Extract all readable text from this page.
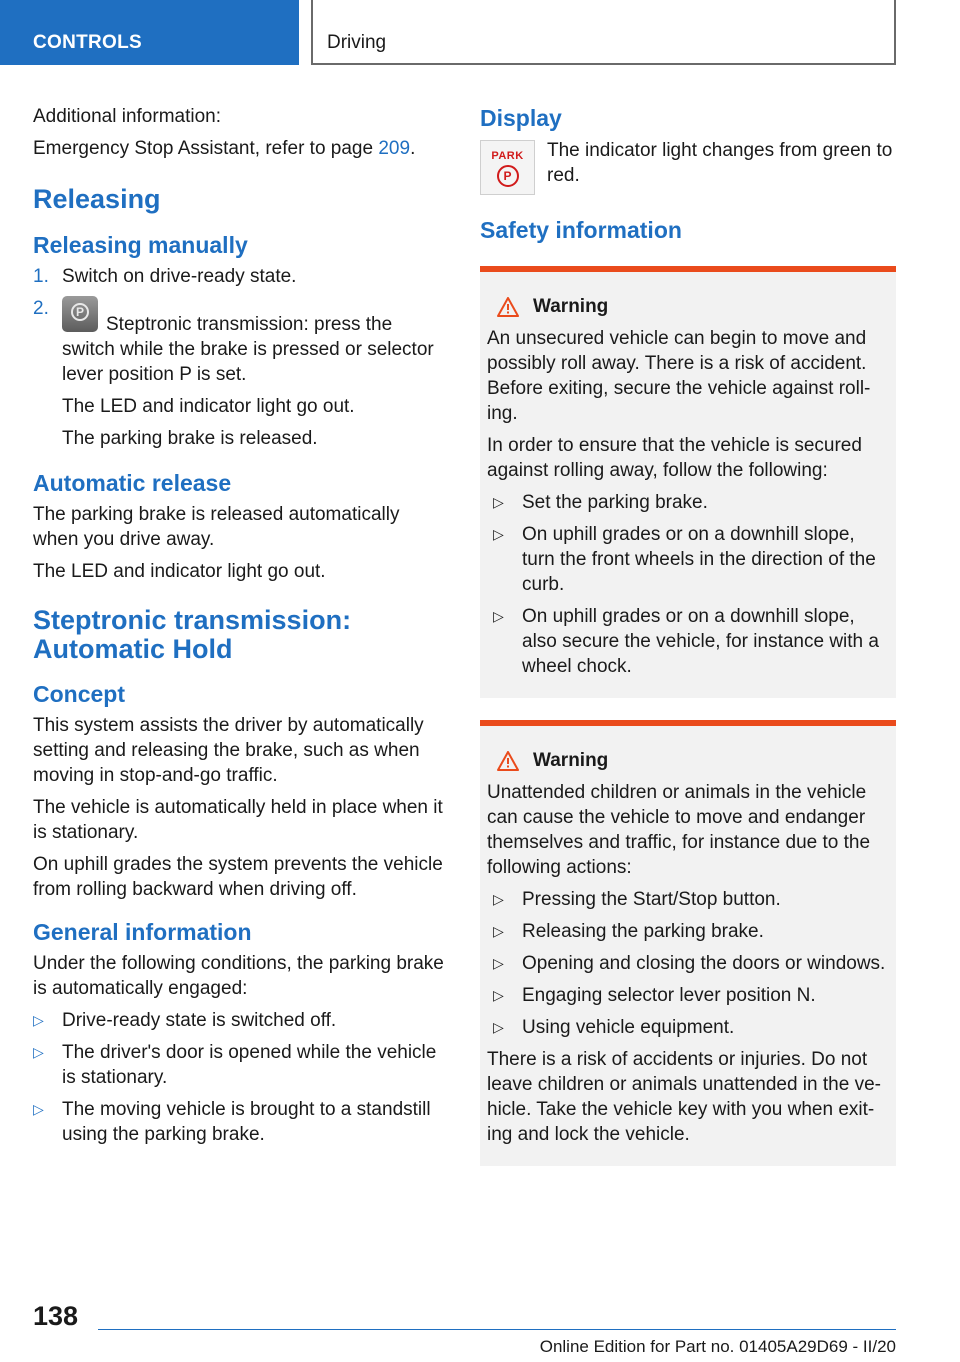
CONTROLS	Driving

Additional information:

Emergency Stop Assistant, refer to page 209.

Releasing
Releasing manually
1. Switch on drive-ready state.
2.
PSteptronic transmission: press the switch while the brake is pressed or selector lever position P is set.
The LED and indicator light go out.
The parking brake is released.
Automatic release

The parking brake is released automatically when you drive away.

The LED and indicator light go out.

Steptronic transmission:
Automatic Hold
Concept

This system assists the driver by automatically setting and releasing the brake, such as when moving in stop-and-go traffic.

The vehicle is automatically held in place when it is stationary.

On uphill grades the system prevents the vehicle from rolling backward when driving off.

General information

Under the following conditions, the parking brake is automatically engaged:

▷ Drive-ready state is switched off.
▷ The driver's door is opened while the vehicle is stationary.
▷ The moving vehicle is brought to a standstill using the parking brake.
Display
PARK
P
The indicator light changes from green to red.
Safety information
Warning

An unsecured vehicle can begin to move and possibly roll away. There is a risk of accident. Before exiting, secure the vehicle against rolling.

In order to ensure that the vehicle is secured against rolling away, follow the following:

▷ Set the parking brake.
▷ On uphill grades or on a downhill slope, turn the front wheels in the direction of the curb.
▷ On uphill grades or on a downhill slope, also secure the vehicle, for instance with a wheel chock.
Warning

Unattended children or animals in the vehicle can cause the vehicle to move and endanger themselves and traffic, for instance due to the following actions:

▷ Pressing the Start/Stop button.
▷ Releasing the parking brake.
▷ Opening and closing the doors or windows.
▷ Engaging selector lever position N.
▷ Using vehicle equipment.

There is a risk of accidents or injuries. Do not leave children or animals unattended in the vehicle. Take the vehicle key with you when exiting and lock the vehicle.

138
Online Edition for Part no. 01405A29D69 - II/20
